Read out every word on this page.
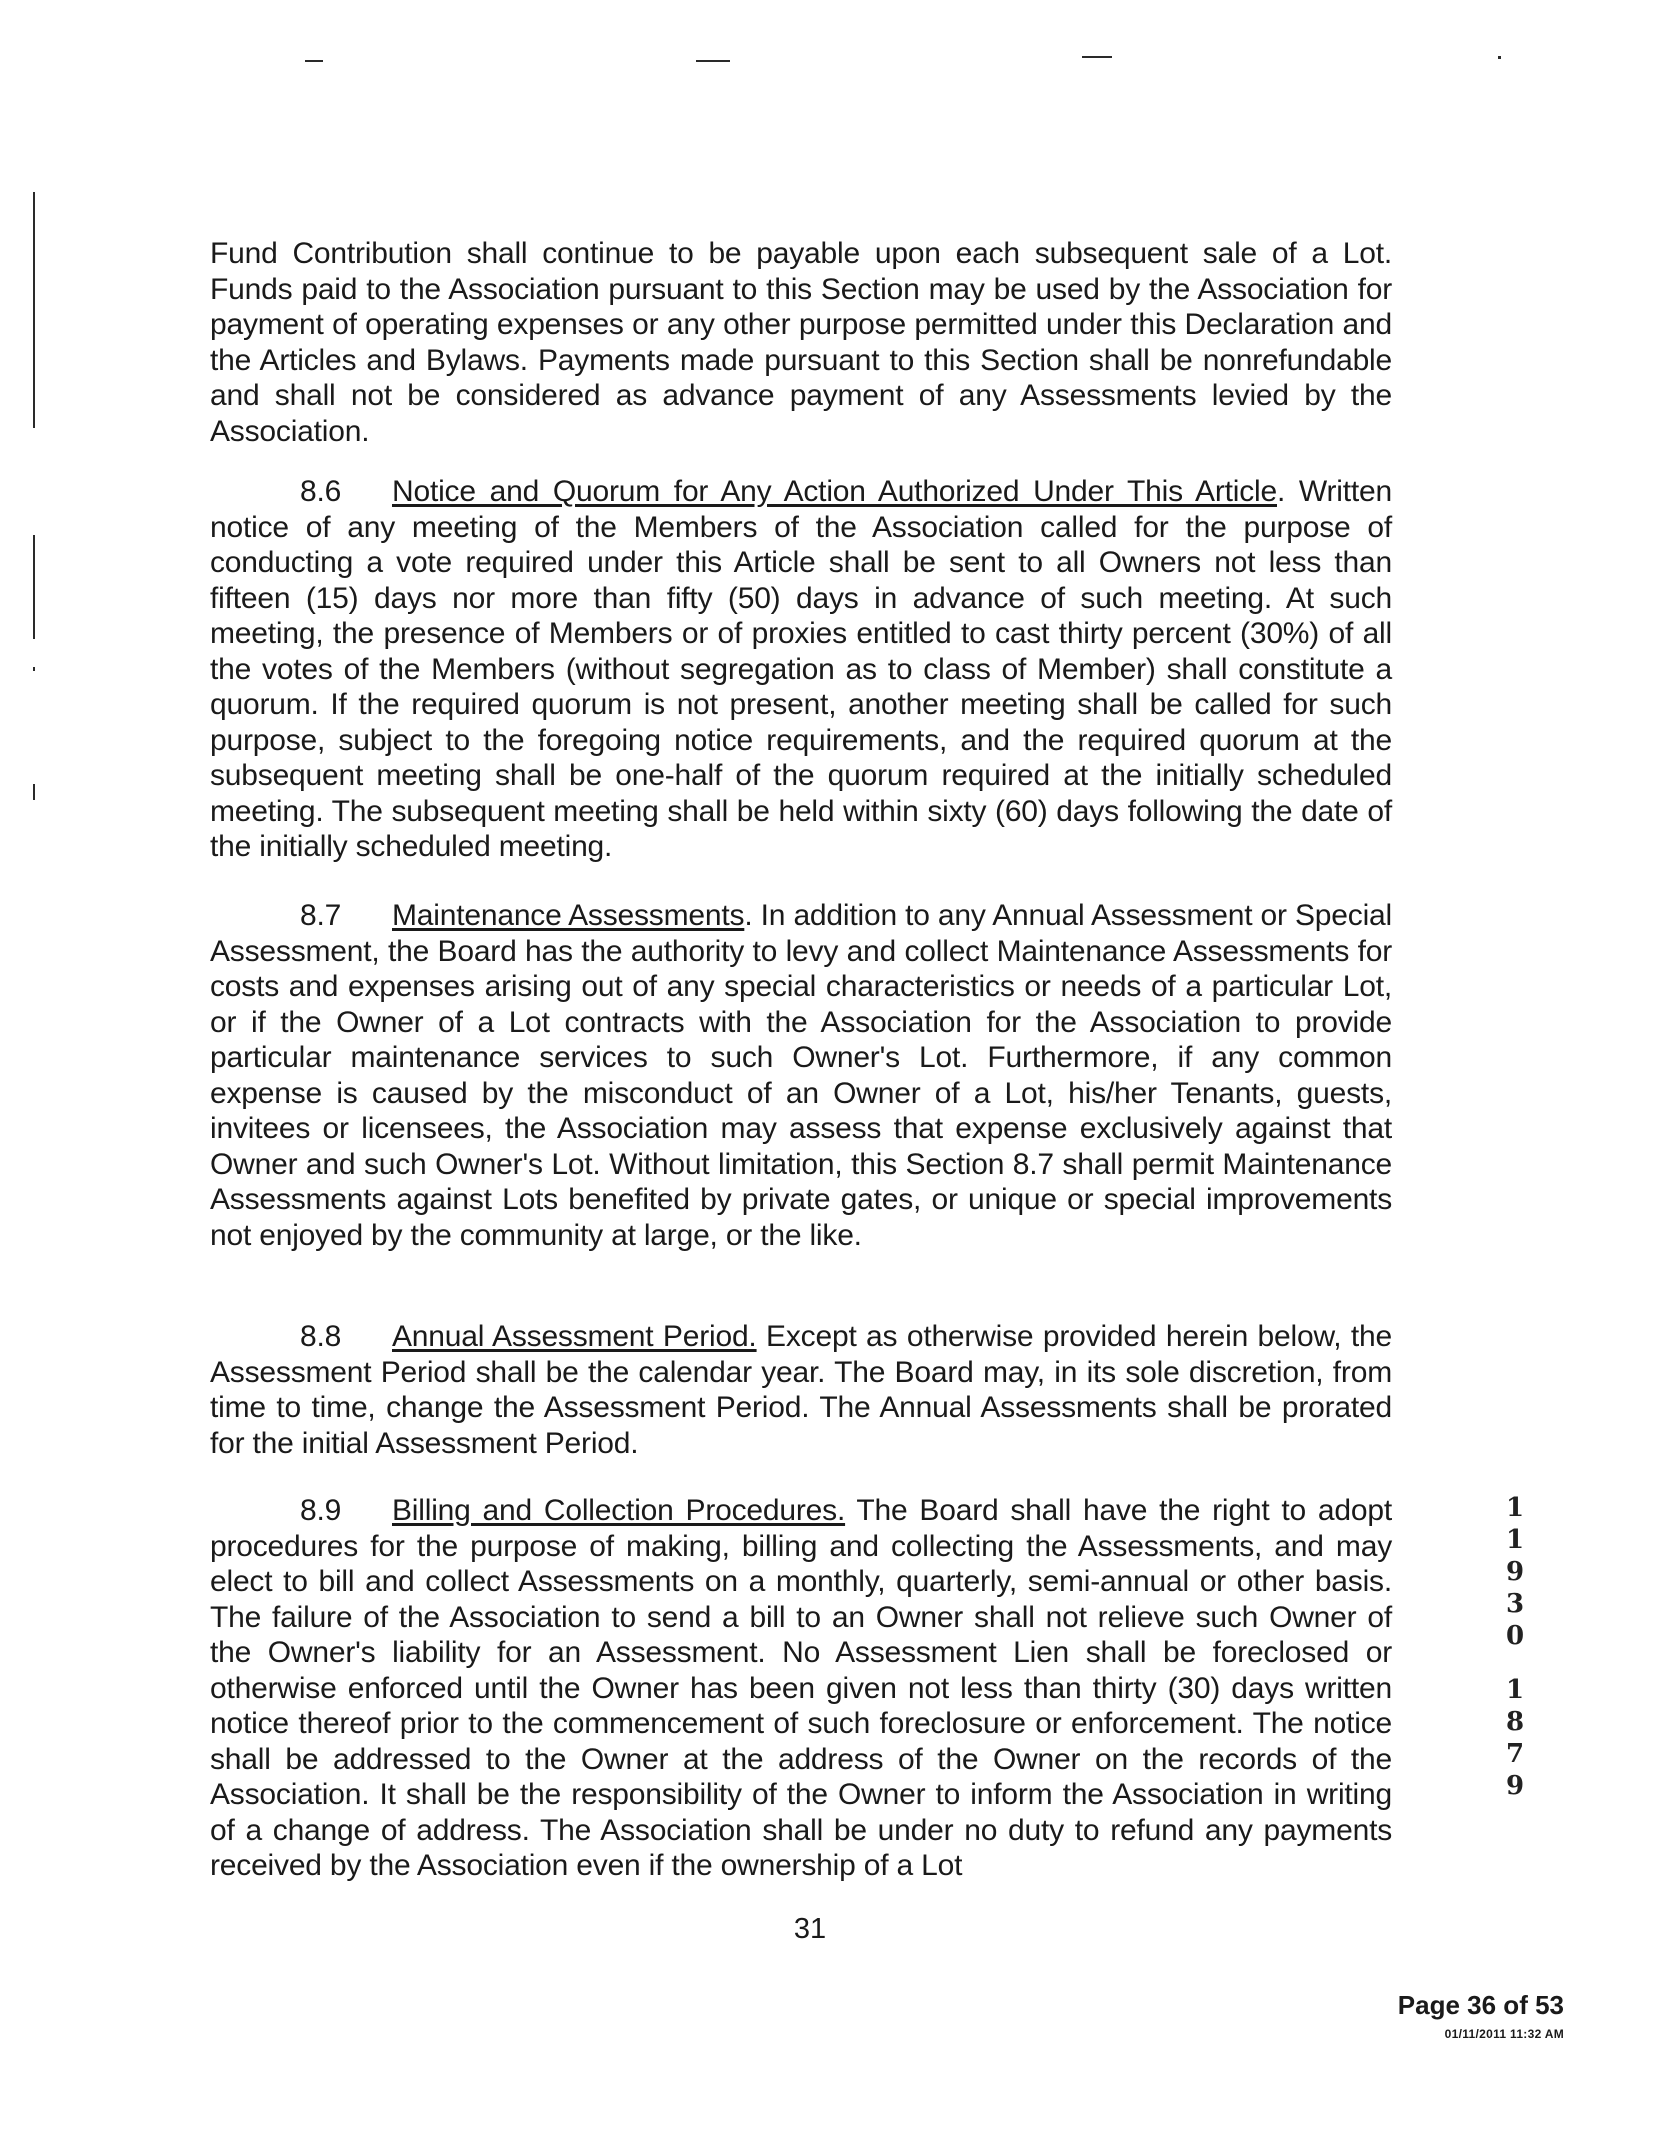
Fund Contribution shall continue to be payable upon each subsequent sale of a Lot. Funds paid to the Association pursuant to this Section may be used by the Association for payment of operating expenses or any other purpose permitted under this Declaration and the Articles and Bylaws. Payments made pursuant to this Section shall be nonrefundable and shall not be considered as advance payment of any Assessments levied by the Association.
8.6 Notice and Quorum for Any Action Authorized Under This Article. Written notice of any meeting of the Members of the Association called for the purpose of conducting a vote required under this Article shall be sent to all Owners not less than fifteen (15) days nor more than fifty (50) days in advance of such meeting. At such meeting, the presence of Members or of proxies entitled to cast thirty percent (30%) of all the votes of the Members (without segregation as to class of Member) shall constitute a quorum. If the required quorum is not present, another meeting shall be called for such purpose, subject to the foregoing notice requirements, and the required quorum at the subsequent meeting shall be one-half of the quorum required at the initially scheduled meeting. The subsequent meeting shall be held within sixty (60) days following the date of the initially scheduled meeting.
8.7 Maintenance Assessments. In addition to any Annual Assessment or Special Assessment, the Board has the authority to levy and collect Maintenance Assessments for costs and expenses arising out of any special characteristics or needs of a particular Lot, or if the Owner of a Lot contracts with the Association for the Association to provide particular maintenance services to such Owner's Lot. Furthermore, if any common expense is caused by the misconduct of an Owner of a Lot, his/her Tenants, guests, invitees or licensees, the Association may assess that expense exclusively against that Owner and such Owner's Lot. Without limitation, this Section 8.7 shall permit Maintenance Assessments against Lots benefited by private gates, or unique or special improvements not enjoyed by the community at large, or the like.
8.8 Annual Assessment Period. Except as otherwise provided herein below, the Assessment Period shall be the calendar year. The Board may, in its sole discretion, from time to time, change the Assessment Period. The Annual Assessments shall be prorated for the initial Assessment Period.
8.9 Billing and Collection Procedures. The Board shall have the right to adopt procedures for the purpose of making, billing and collecting the Assessments, and may elect to bill and collect Assessments on a monthly, quarterly, semi-annual or other basis. The failure of the Association to send a bill to an Owner shall not relieve such Owner of the Owner's liability for an Assessment. No Assessment Lien shall be foreclosed or otherwise enforced until the Owner has been given not less than thirty (30) days written notice thereof prior to the commencement of such foreclosure or enforcement. The notice shall be addressed to the Owner at the address of the Owner on the records of the Association. It shall be the responsibility of the Owner to inform the Association in writing of a change of address. The Association shall be under no duty to refund any payments received by the Association even if the ownership of a Lot
1
1
9
3
0
1
8
7
9
31
Page 36 of 53
01/11/2011 11:32 AM
